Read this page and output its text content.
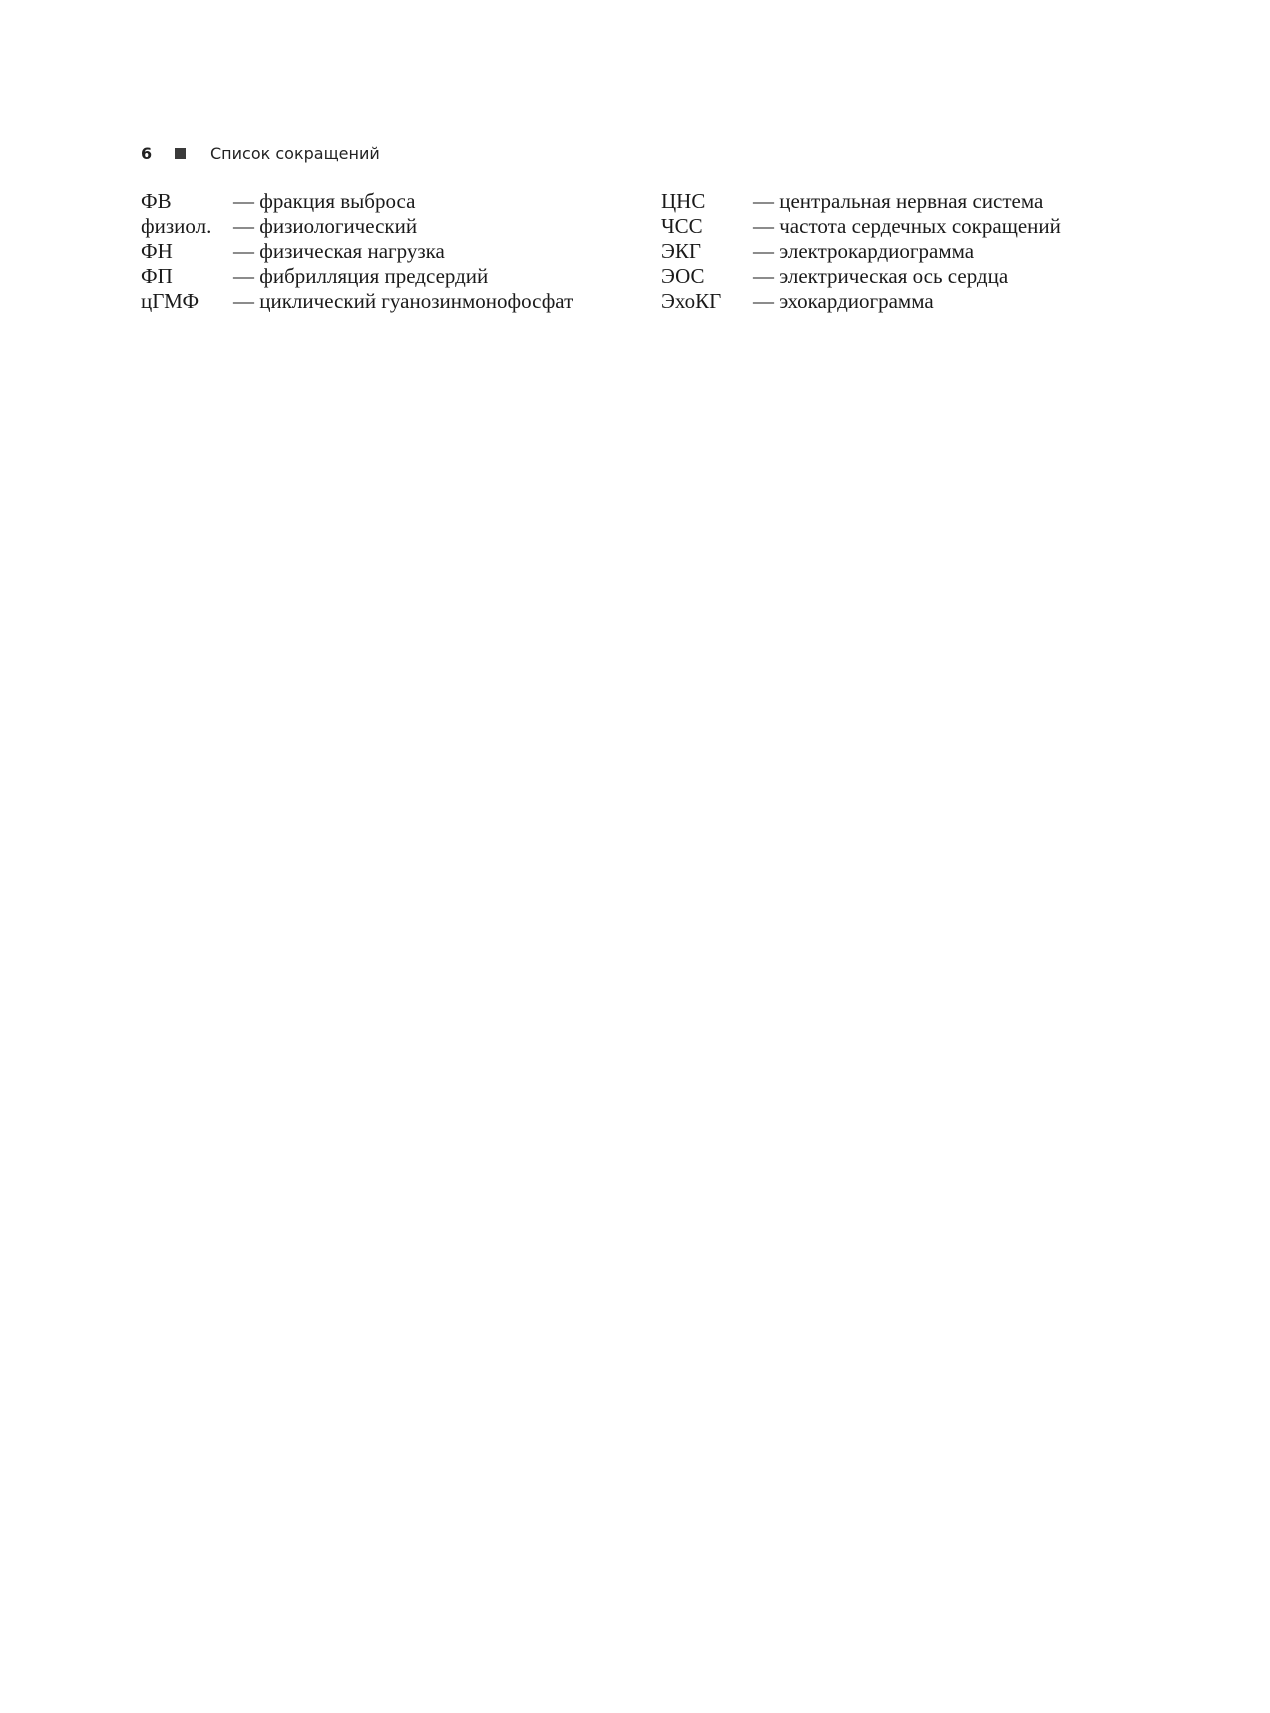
6	Список сокращений
ФВ	— фракция выброса
физиол.	— физиологический
ФН	— физическая нагрузка
ФП	— фибрилляция предсердий
цГМФ	— циклический гуанозинмонофосфат
ЦНС	— центральная нервная система
ЧСС	— частота сердечных сокращений
ЭКГ	— электрокардиограмма
ЭОС	— электрическая ось сердца
ЭхоКГ	— эхокардиограмма
